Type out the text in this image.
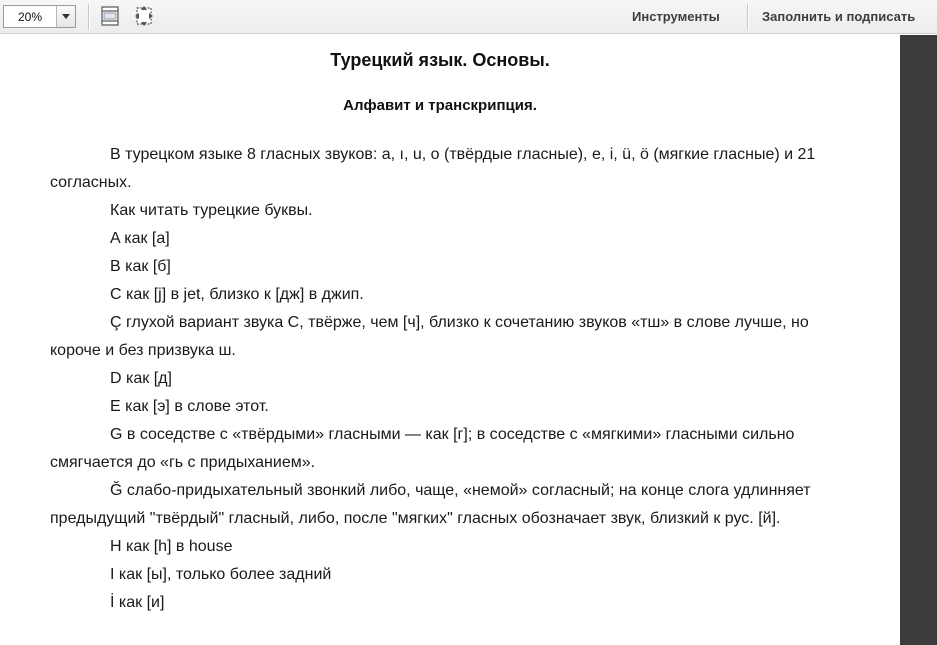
20%	Инструменты	Заполнить и подписать
Турецкий язык. Основы.
Алфавит и транскрипция.

В турецком языке 8 гласных звуков: а, ı, u, o (твёрдые гласные), e, i, ü, ö (мягкие гласные) и 21 согласных.

Как читать турецкие буквы.

A как [а]

B как [б]

C как [j] в jet, близко к [дж] в джип.

Ç глухой вариант звука С, твёрже, чем [ч], близко к сочетанию звуков «тш» в слове лучше, но короче и без призвука ш.

D как [д]

E как [э] в слове этот.

G в соседстве с «твёрдыми» гласными — как [г]; в соседстве с «мягкими» гласными сильно смягчается до «гь с придыханием».

Ğ слабо-придыхательный звонкий либо, чаще, «немой» согласный; на конце слога удлинняет предыдущий "твёрдый" гласный, либо, после "мягких" гласных обозначает звук, близкий к рус. [й].

H как [h] в house

I как [ы], только более задний

İ как [и]
